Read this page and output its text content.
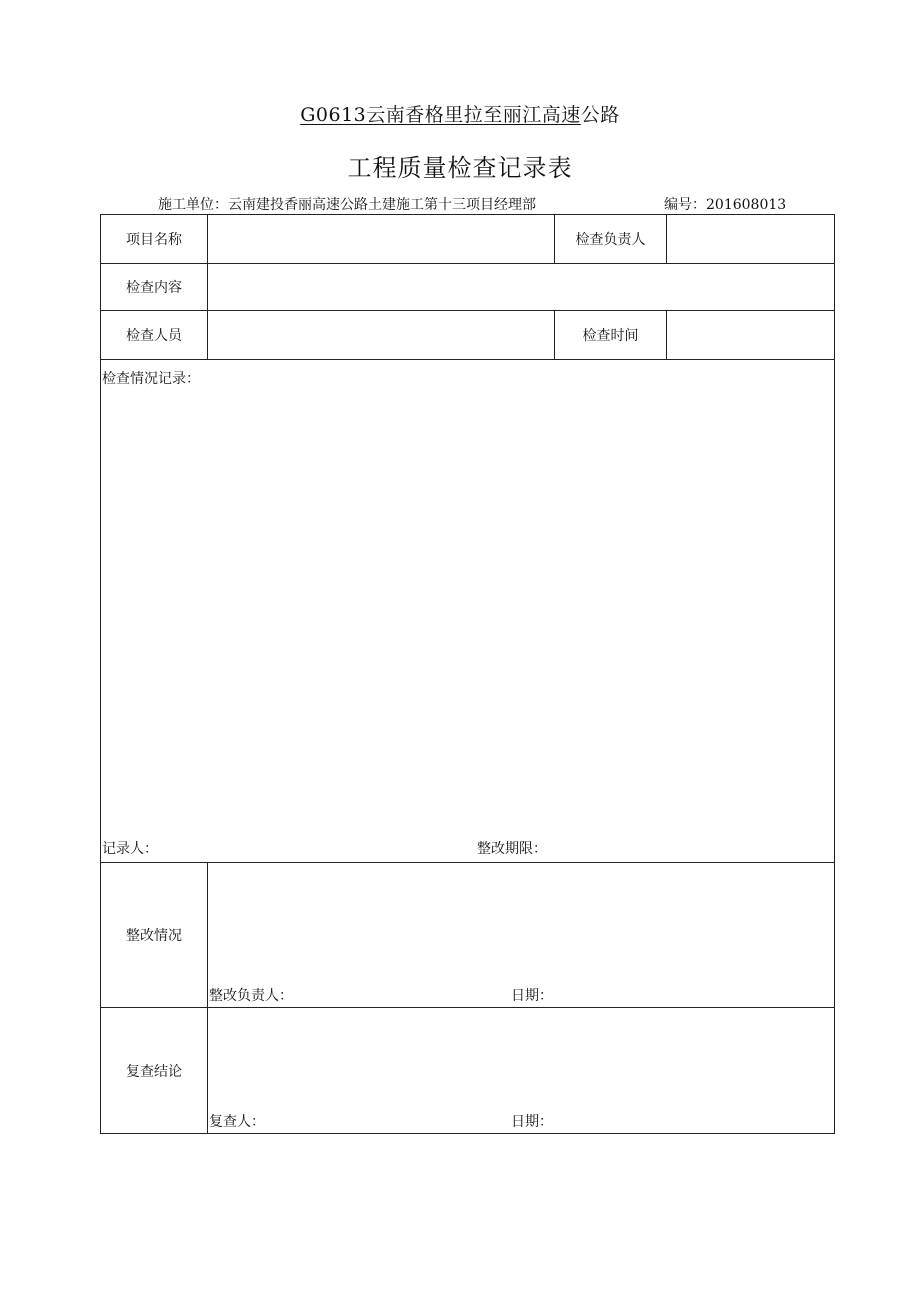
G0613云南香格里拉至丽江高速公路
工程质量检查记录表
施工单位：云南建投香丽高速公路土建施工第十三项目经理部	编号：201608013
项目名称		检查负责人	
检查内容			
检查人员		检查时间	

检查情况记录：
记录人： 整改期限：			

整改情况	整改负责人： 日期：		

复查结论	复查人： 日期：		
